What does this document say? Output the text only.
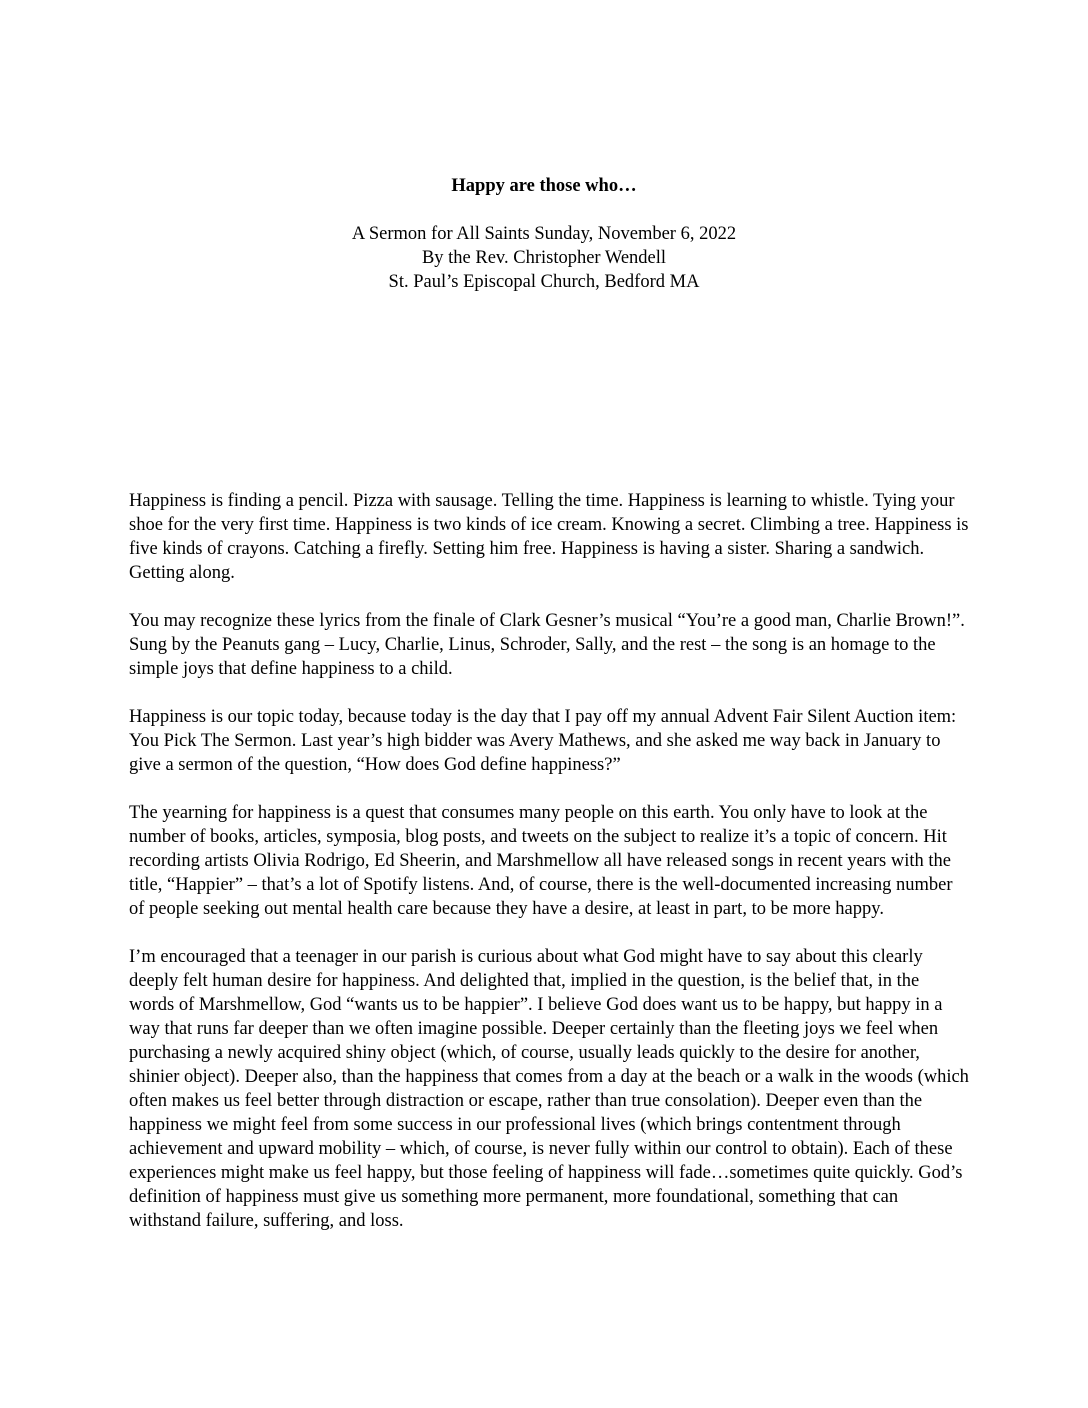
Happy are those who…

A Sermon for All Saints Sunday, November 6, 2022

By the Rev. Christopher Wendell

St. Paul’s Episcopal Church, Bedford MA

Happiness is finding a pencil. Pizza with sausage. Telling the time. Happiness is learning to whistle. Tying your shoe for the very first time. Happiness is two kinds of ice cream. Knowing a secret. Climbing a tree. Happiness is five kinds of crayons. Catching a firefly. Setting him free. Happiness is having a sister. Sharing a sandwich. Getting along.

You may recognize these lyrics from the finale of Clark Gesner’s musical “You’re a good man, Charlie Brown!”. Sung by the Peanuts gang – Lucy, Charlie, Linus, Schroder, Sally, and the rest – the song is an homage to the simple joys that define happiness to a child.

Happiness is our topic today, because today is the day that I pay off my annual Advent Fair Silent Auction item: You Pick The Sermon. Last year’s high bidder was Avery Mathews, and she asked me way back in January to give a sermon of the question, “How does God define happiness?”

The yearning for happiness is a quest that consumes many people on this earth. You only have to look at the number of books, articles, symposia, blog posts, and tweets on the subject to realize it’s a topic of concern. Hit recording artists Olivia Rodrigo, Ed Sheerin, and Marshmellow all have released songs in recent years with the title, “Happier” – that’s a lot of Spotify listens. And, of course, there is the well-documented increasing number of people seeking out mental health care because they have a desire, at least in part, to be more happy.

I’m encouraged that a teenager in our parish is curious about what God might have to say about this clearly deeply felt human desire for happiness. And delighted that, implied in the question, is the belief that, in the words of Marshmellow, God “wants us to be happier”. I believe God does want us to be happy, but happy in a way that runs far deeper than we often imagine possible. Deeper certainly than the fleeting joys we feel when purchasing a newly acquired shiny object (which, of course, usually leads quickly to the desire for another, shinier object). Deeper also, than the happiness that comes from a day at the beach or a walk in the woods (which often makes us feel better through distraction or escape, rather than true consolation). Deeper even than the happiness we might feel from some success in our professional lives (which brings contentment through achievement and upward mobility – which, of course, is never fully within our control to obtain). Each of these experiences might make us feel happy, but those feeling of happiness will fade…sometimes quite quickly. God’s definition of happiness must give us something more permanent, more foundational, something that can withstand failure, suffering, and loss.
